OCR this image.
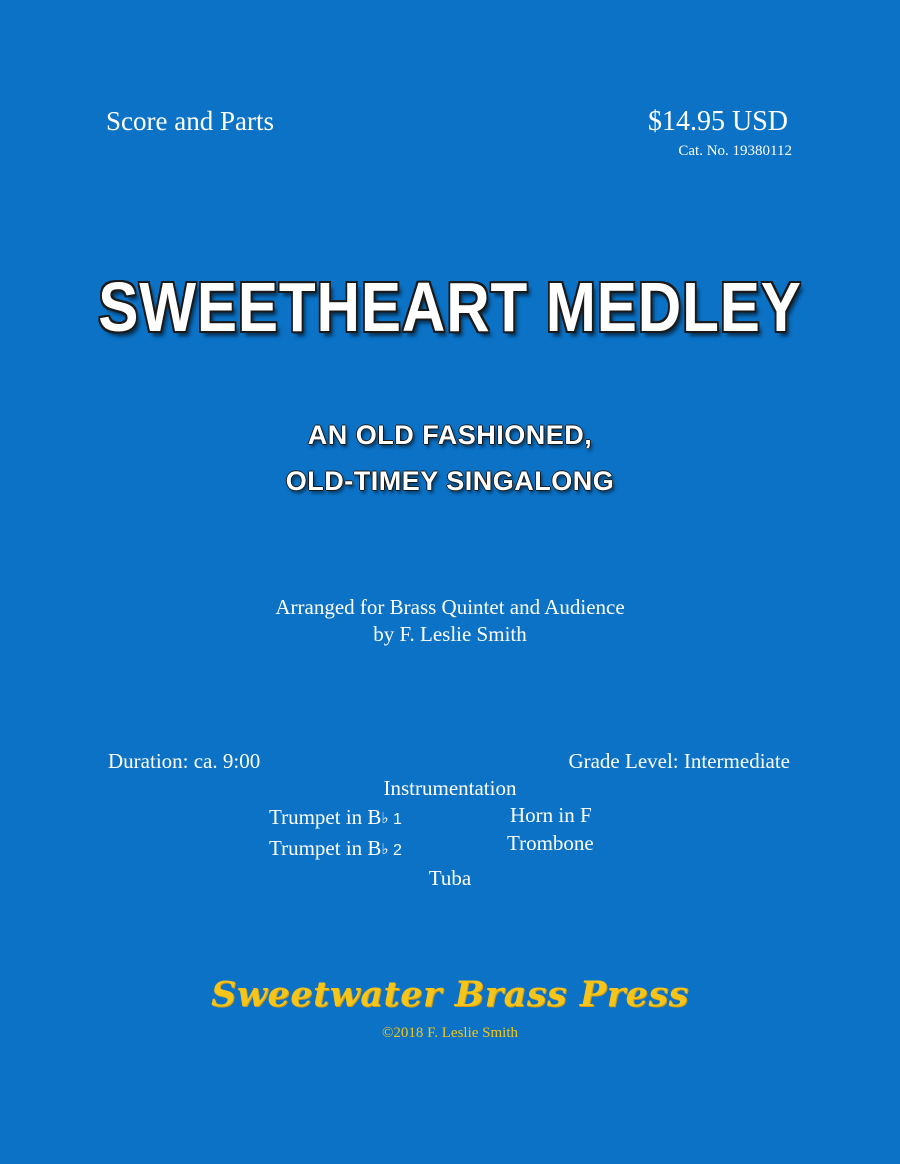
Score and Parts	$14.95 USD
Cat. No. 19380112
SWEETHEART MEDLEY
AN OLD FASHIONED,
OLD-TIMEY SINGALONG
Arranged for Brass Quintet and Audience
by F. Leslie Smith
Duration: ca. 9:00	Grade Level: Intermediate
Instrumentation
Trumpet in B♭ 1
Trumpet in B♭ 2
Horn in F
Trombone
Tuba
Sweetwater Brass Press
©2018 F. Leslie Smith
